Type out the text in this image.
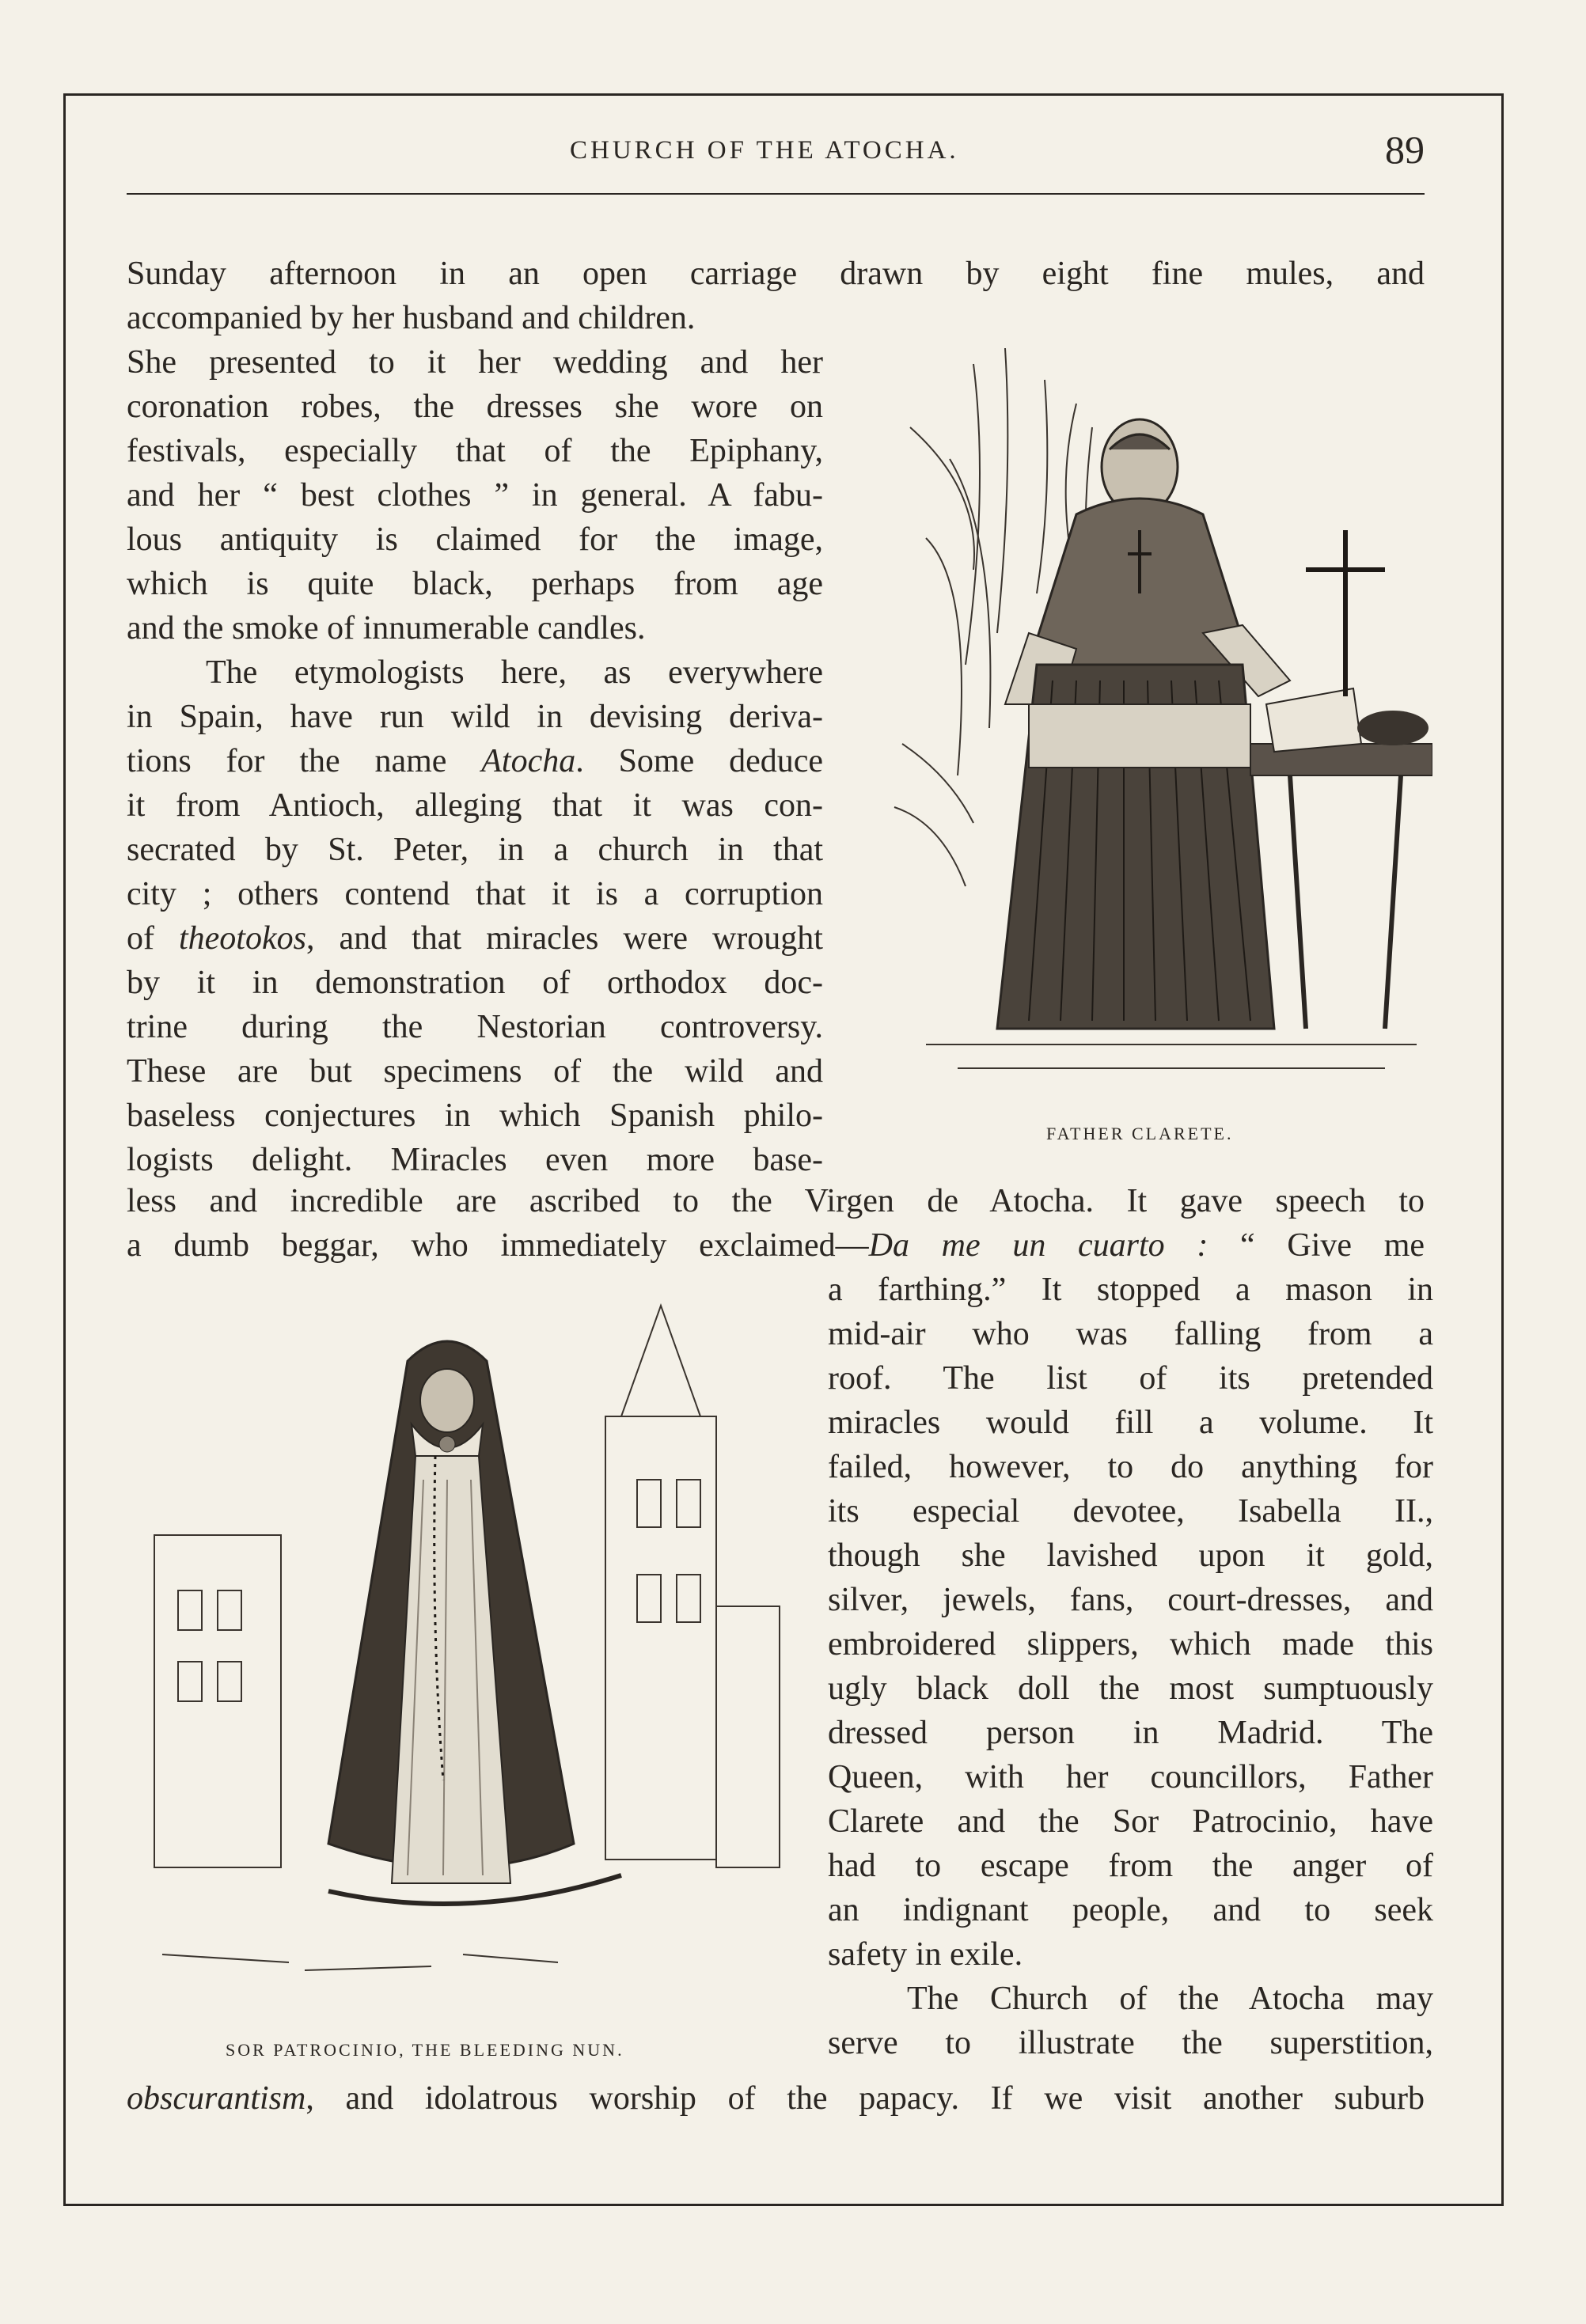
CHURCH OF THE ATOCHA.	89
Sunday afternoon in an open carriage drawn by eight fine mules, and
accompanied by her husband and children.
She presented to it her wedding and her
coronation robes, the dresses she wore on
festivals, especially that of the Epiphany,
and her “ best clothes ” in general. A fabu-
lous antiquity is claimed for the image,
which is quite black, perhaps from age
and the smoke of innumerable candles.
The etymologists here, as everywhere
in Spain, have run wild in devising deriva-
tions for the name Atocha. Some deduce
it from Antioch, alleging that it was con-
secrated by St. Peter, in a church in that
city ; others contend that it is a corruption
of theotokos, and that miracles were wrought
by it in demonstration of orthodox doc-
trine during the Nestorian controversy.
These are but specimens of the wild and
baseless conjectures in which Spanish philo-
logists delight. Miracles even more base-
FATHER CLARETE.
less and incredible are ascribed to the Virgen de Atocha. It gave speech to
a dumb beggar, who immediately exclaimed—Da me un cuarto : “ Give me
SOR PATROCINIO, THE BLEEDING NUN.
a farthing.” It stopped a mason in
mid-air who was falling from a
roof. The list of its pretended
miracles would fill a volume. It
failed, however, to do anything for
its especial devotee, Isabella II.,
though she lavished upon it gold,
silver, jewels, fans, court-dresses, and
embroidered slippers, which made this
ugly black doll the most sumptuously
dressed person in Madrid. The
Queen, with her councillors, Father
Clarete and the Sor Patrocinio, have
had to escape from the anger of
an indignant people, and to seek
safety in exile.
The Church of the Atocha may
serve to illustrate the superstition,
obscurantism, and idolatrous worship of the papacy. If we visit another suburb
